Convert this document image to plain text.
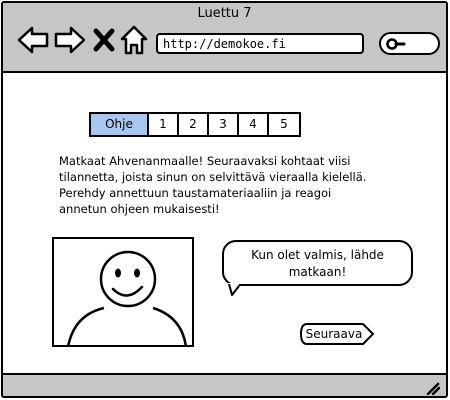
Luettu 7
http://demokoe.fi
Ohje	1	2	3	4	5
Matkaat Ahvenanmaalle! Seuraavaksi kohtaat viisi
tilannetta, joista sinun on selvittävä vieraalla kielellä.
Perehdy annettuun taustamateriaaliin ja reagoi
annetun ohjeen mukaisesti!
Kun olet valmis, lähde
matkaan!
Seuraava
